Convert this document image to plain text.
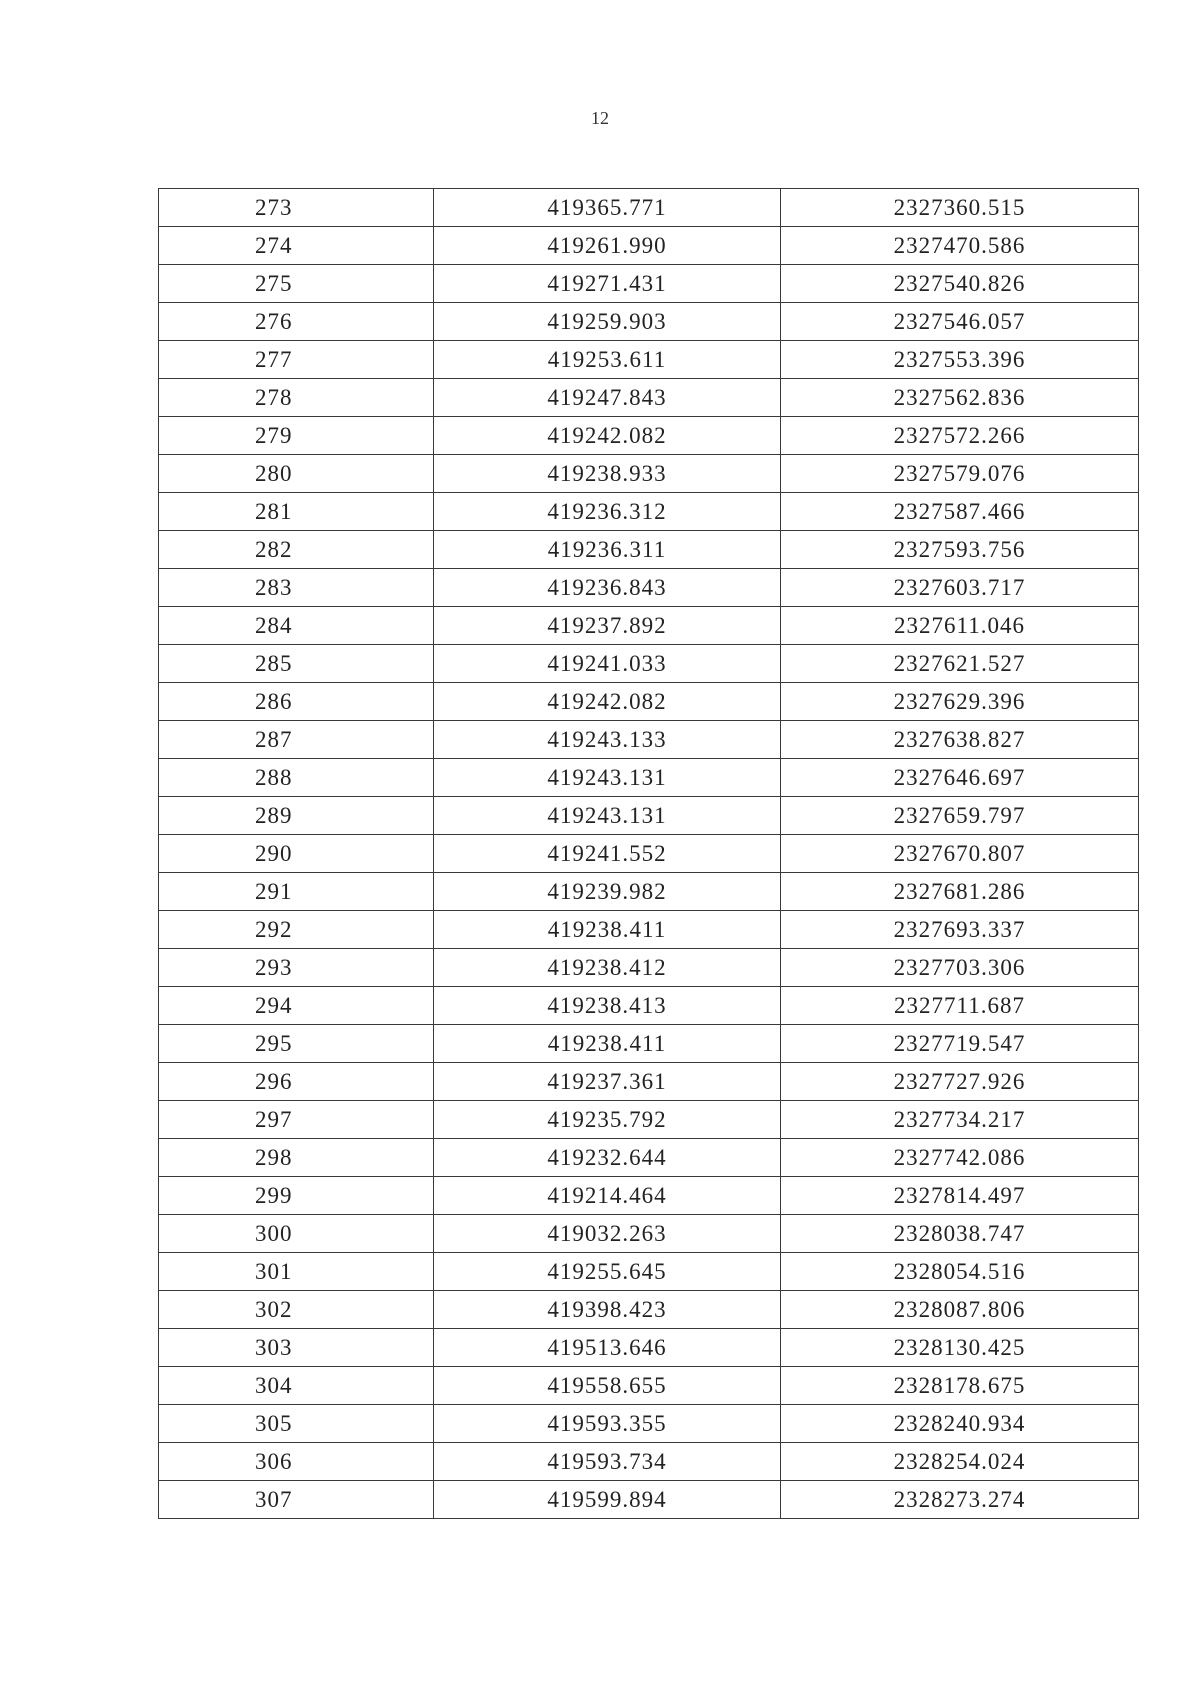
12
273	419365.771	2327360.515
274	419261.990	2327470.586
275	419271.431	2327540.826
276	419259.903	2327546.057
277	419253.611	2327553.396
278	419247.843	2327562.836
279	419242.082	2327572.266
280	419238.933	2327579.076
281	419236.312	2327587.466
282	419236.311	2327593.756
283	419236.843	2327603.717
284	419237.892	2327611.046
285	419241.033	2327621.527
286	419242.082	2327629.396
287	419243.133	2327638.827
288	419243.131	2327646.697
289	419243.131	2327659.797
290	419241.552	2327670.807
291	419239.982	2327681.286
292	419238.411	2327693.337
293	419238.412	2327703.306
294	419238.413	2327711.687
295	419238.411	2327719.547
296	419237.361	2327727.926
297	419235.792	2327734.217
298	419232.644	2327742.086
299	419214.464	2327814.497
300	419032.263	2328038.747
301	419255.645	2328054.516
302	419398.423	2328087.806
303	419513.646	2328130.425
304	419558.655	2328178.675
305	419593.355	2328240.934
306	419593.734	2328254.024
307	419599.894	2328273.274
